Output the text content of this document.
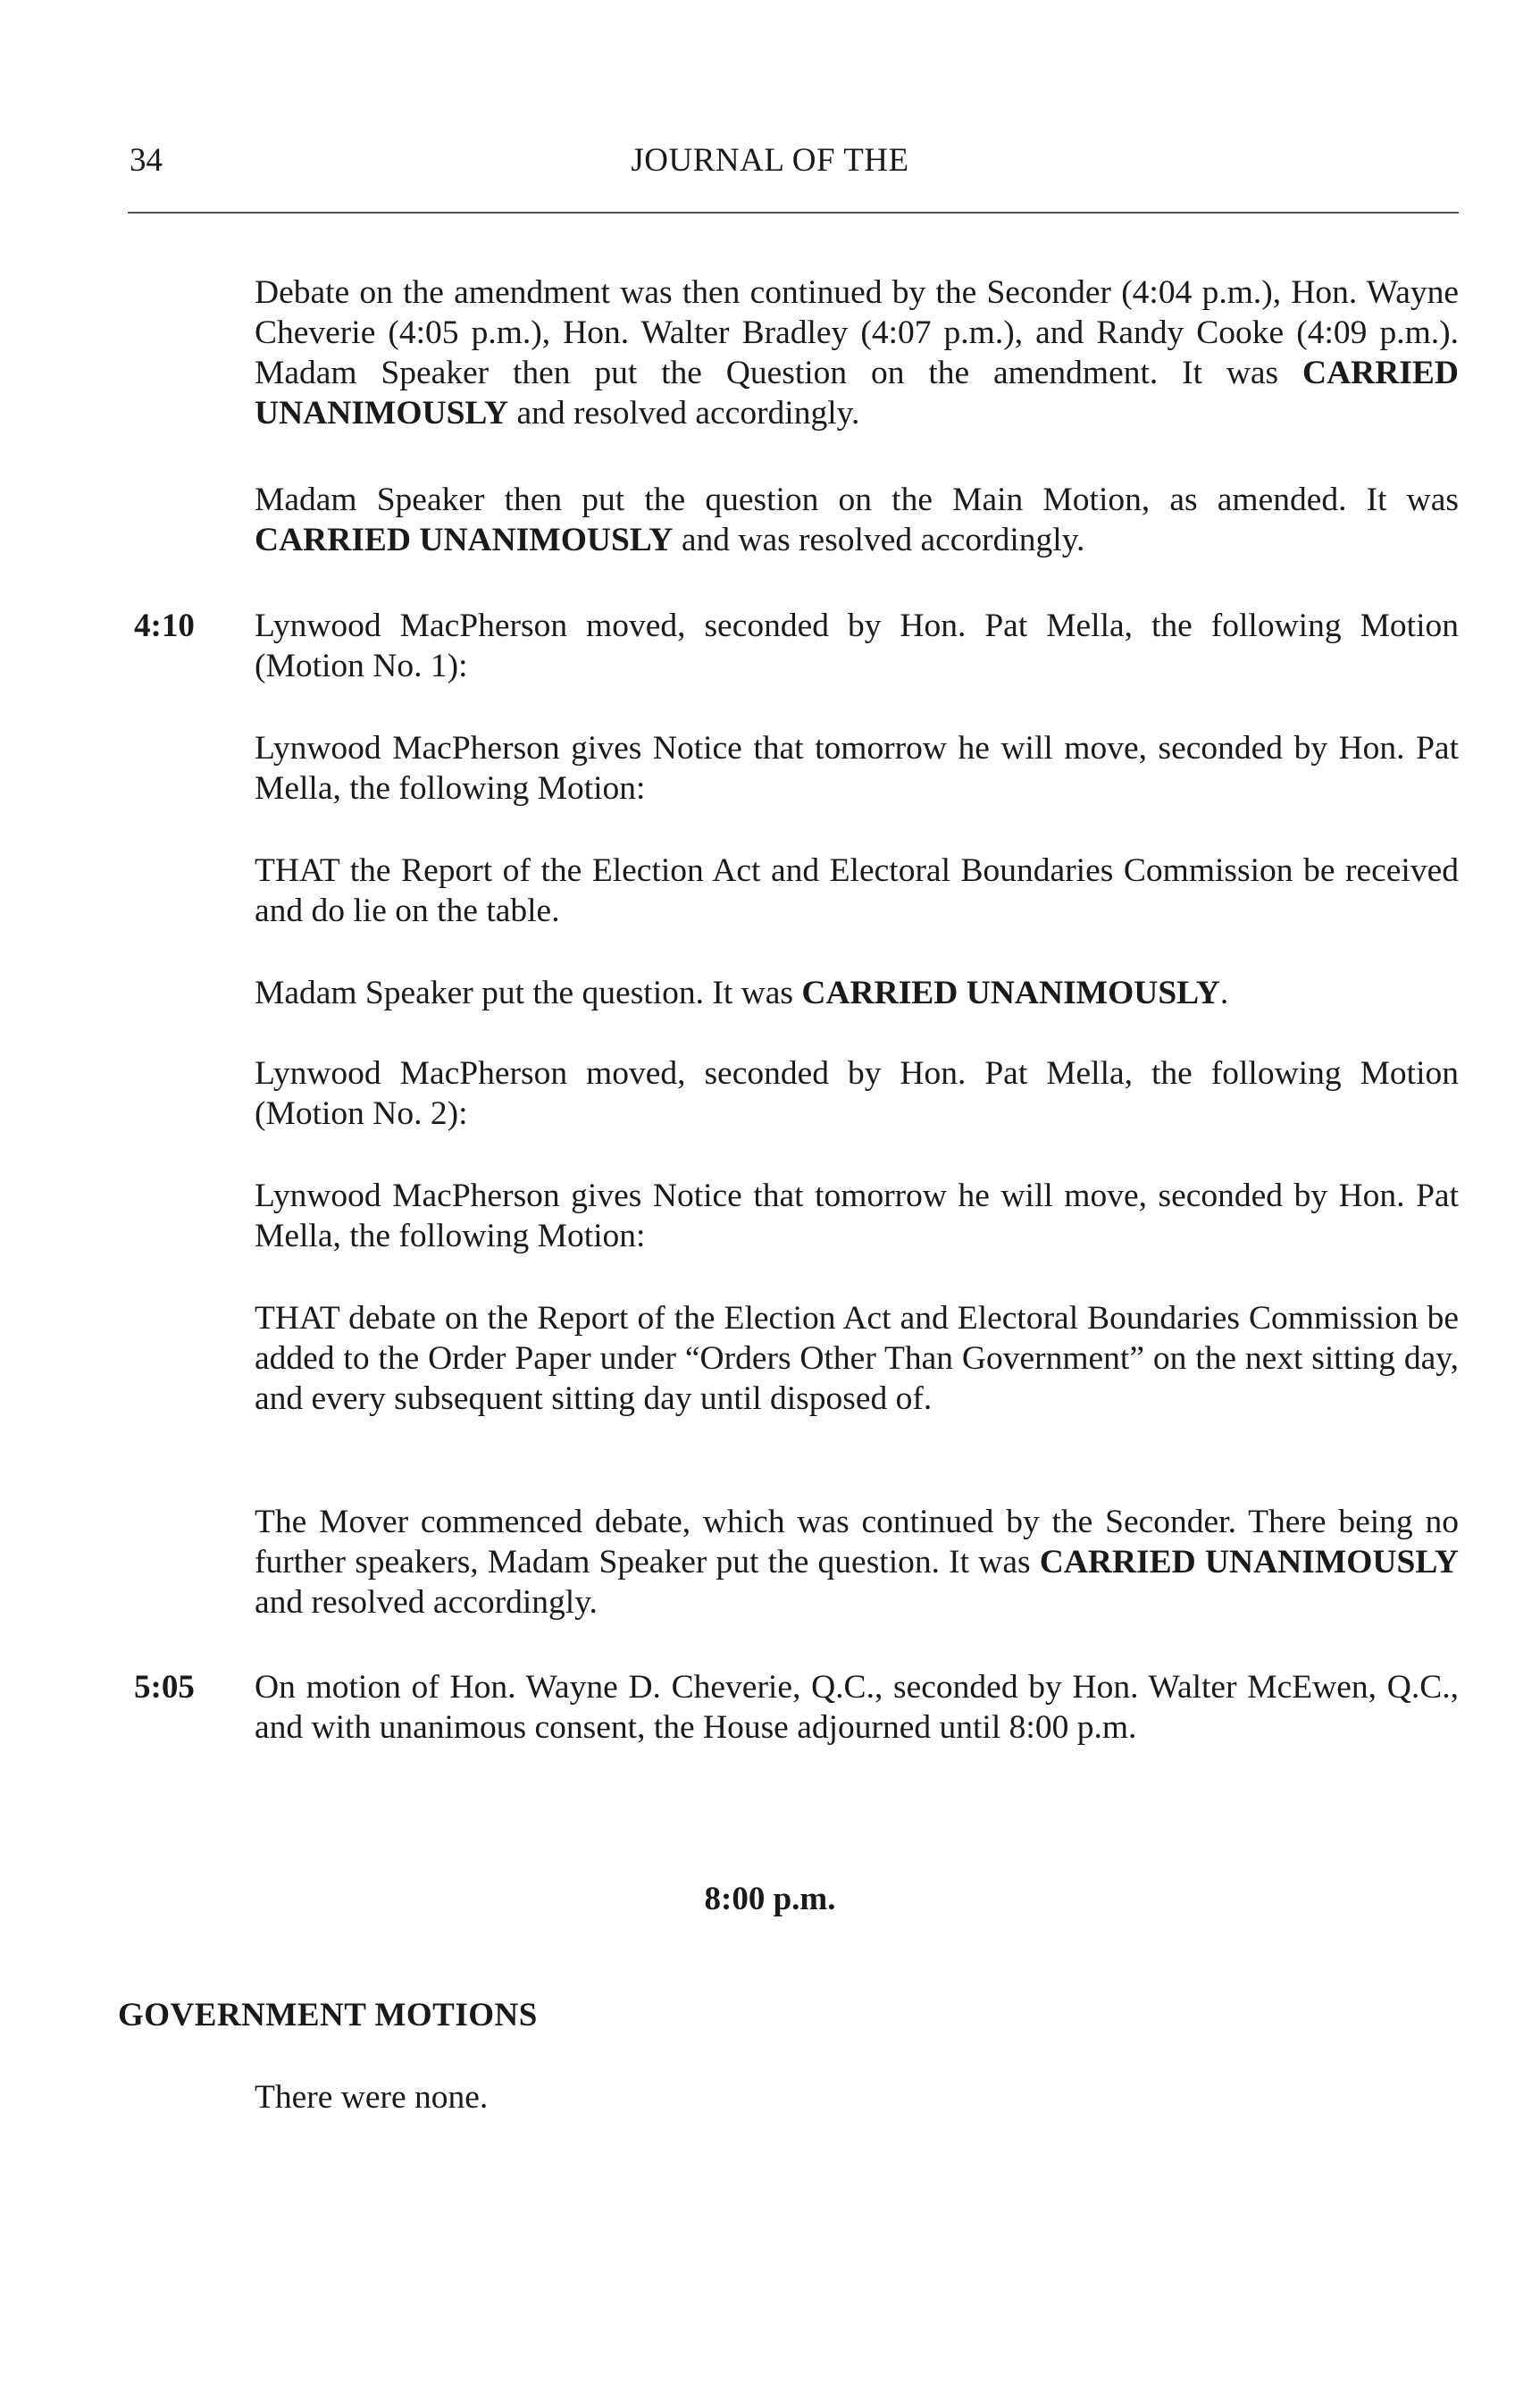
34	JOURNAL OF THE

Debate on the amendment was then continued by the Seconder (4:04 p.m.), Hon. Wayne Cheverie (4:05 p.m.), Hon. Walter Bradley (4:07 p.m.), and Randy Cooke (4:09 p.m.). Madam Speaker then put the Question on the amendment. It was CARRIED UNANIMOUSLY and resolved accordingly.

Madam Speaker then put the question on the Main Motion, as amended. It was CARRIED UNANIMOUSLY and was resolved accordingly.

4:10 Lynwood MacPherson moved, seconded by Hon. Pat Mella, the following Motion (Motion No. 1):

Lynwood MacPherson gives Notice that tomorrow he will move, seconded by Hon. Pat Mella, the following Motion:

THAT the Report of the Election Act and Electoral Boundaries Commission be received and do lie on the table.

Madam Speaker put the question. It was CARRIED UNANIMOUSLY.

Lynwood MacPherson moved, seconded by Hon. Pat Mella, the following Motion (Motion No. 2):

Lynwood MacPherson gives Notice that tomorrow he will move, seconded by Hon. Pat Mella, the following Motion:

THAT debate on the Report of the Election Act and Electoral Boundaries Commission be added to the Order Paper under “Orders Other Than Government” on the next sitting day, and every subsequent sitting day until disposed of.

The Mover commenced debate, which was continued by the Seconder. There being no further speakers, Madam Speaker put the question. It was CARRIED UNANIMOUSLY and resolved accordingly.

5:05 On motion of Hon. Wayne D. Cheverie, Q.C., seconded by Hon. Walter McEwen, Q.C., and with unanimous consent, the House adjourned until 8:00 p.m.

8:00 p.m.
GOVERNMENT MOTIONS

There were none.
